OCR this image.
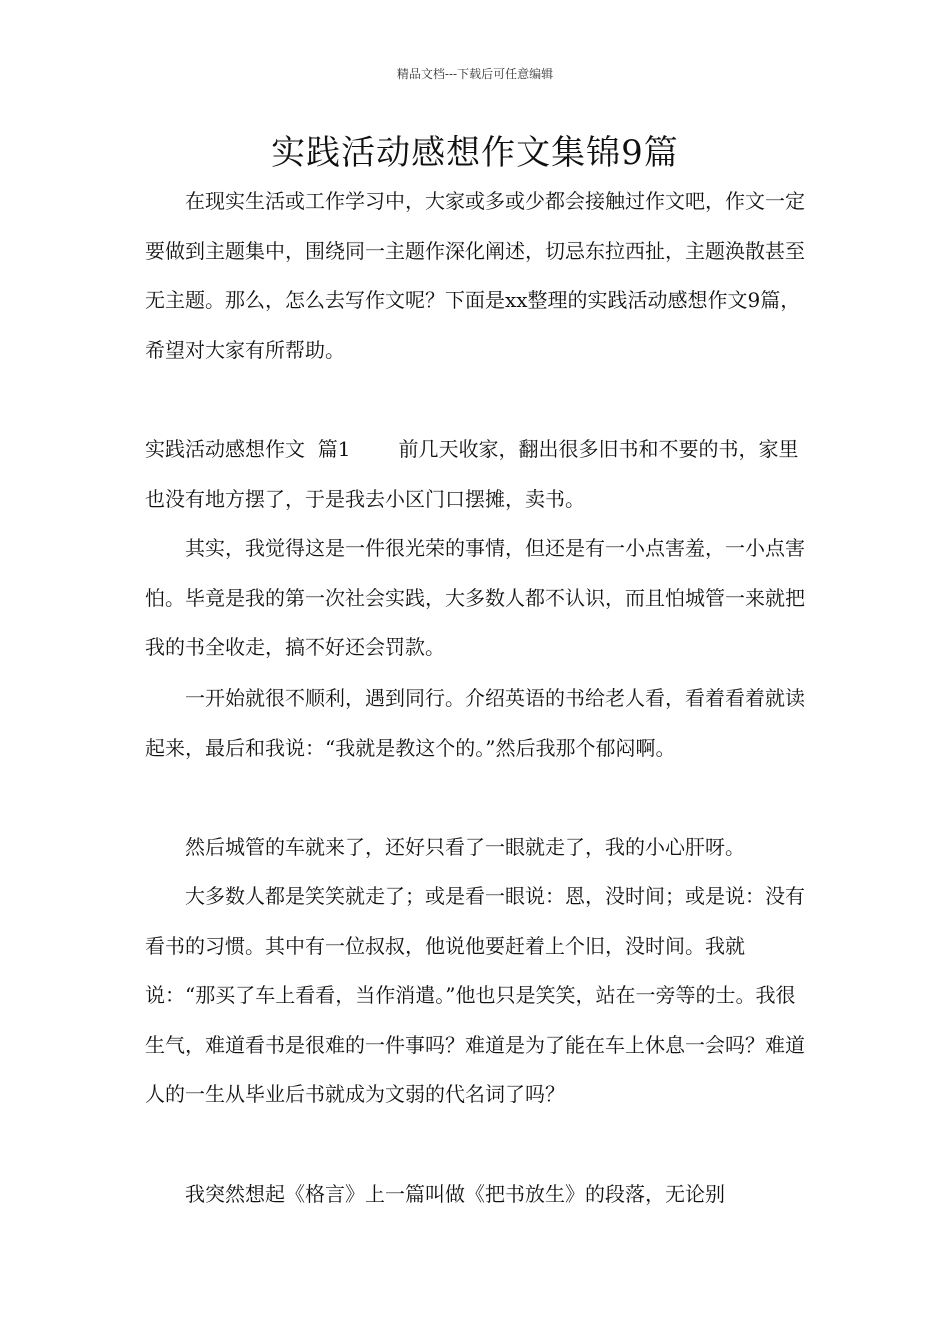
精品文档---下载后可任意编辑
实践活动感想作文集锦9篇

在现实生活或工作学习中，大家或多或少都会接触过作文吧，作文一定要做到主题集中，围绕同一主题作深化阐述，切忌东拉西扯，主题涣散甚至无主题。那么，怎么去写作文呢？下面是xx整理的实践活动感想作文9篇，希望对大家有所帮助。

实践活动感想作文  篇1 前几天收家，翻出很多旧书和不要的书，家里也没有地方摆了，于是我去小区门口摆摊，卖书。

其实，我觉得这是一件很光荣的事情，但还是有一小点害羞，一小点害怕。毕竟是我的第一次社会实践，大多数人都不认识，而且怕城管一来就把我的书全收走，搞不好还会罚款。

一开始就很不顺利，遇到同行。介绍英语的书给老人看，看着看着就读起来，最后和我说：“我就是教这个的。”然后我那个郁闷啊。

然后城管的车就来了，还好只看了一眼就走了，我的小心肝呀。

大多数人都是笑笑就走了；或是看一眼说：恩，没时间；或是说：没有看书的习惯。其中有一位叔叔，他说他要赶着上个旧，没时间。我就说：“那买了车上看看，当作消遣。”他也只是笑笑，站在一旁等的士。我很生气，难道看书是很难的一件事吗？难道是为了能在车上休息一会吗？难道人的一生从毕业后书就成为文弱的代名词了吗？

我突然想起《格言》上一篇叫做《把书放生》的段落，无论别
